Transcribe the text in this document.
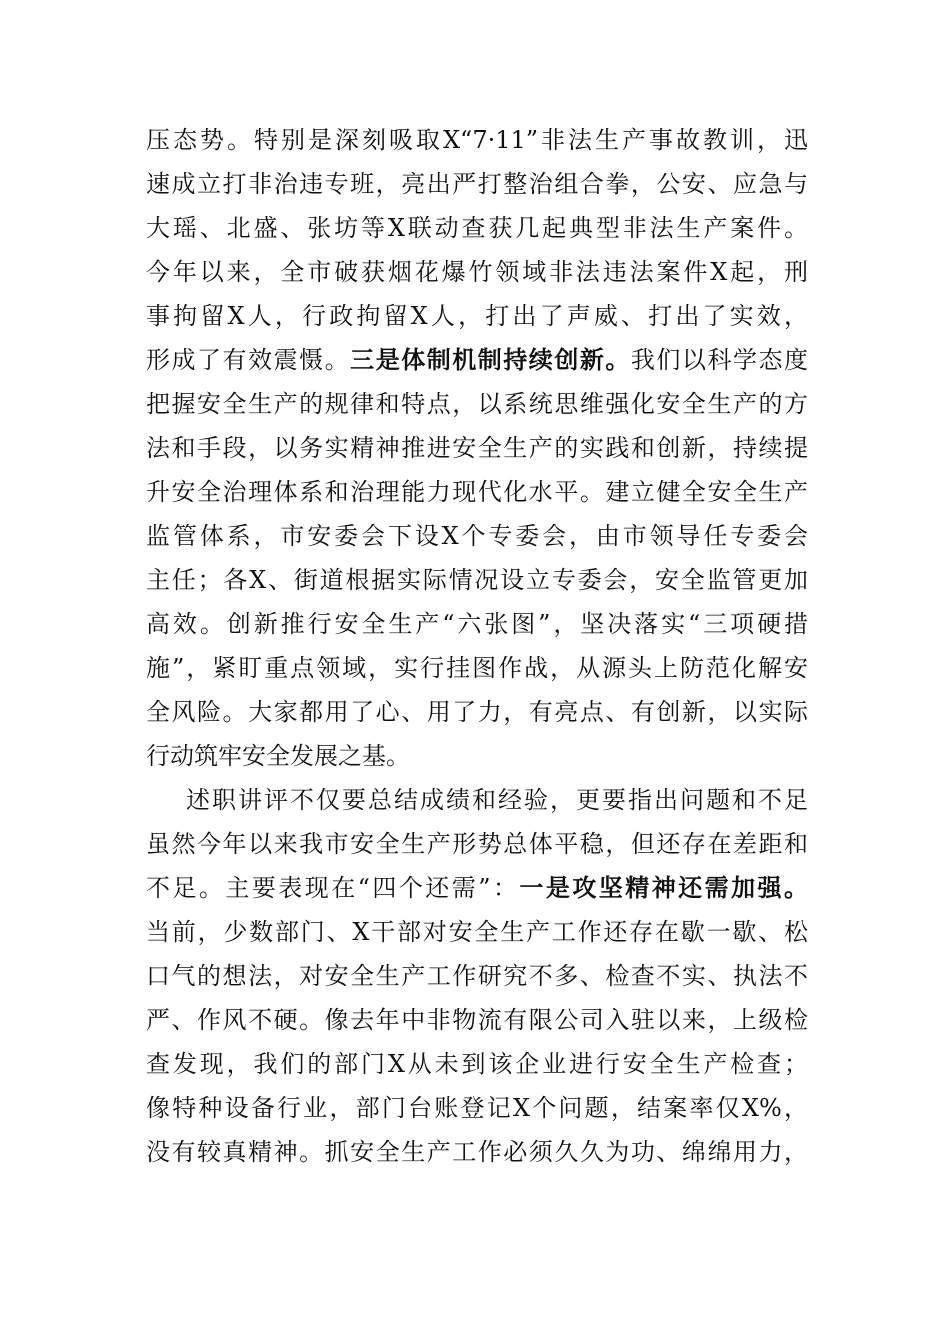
压态势。特别是深刻吸取X“7·11”非法生产事故教训，迅
速成立打非治违专班，亮出严打整治组合拳，公安、应急与
大瑶、北盛、张坊等X联动查获几起典型非法生产案件。
今年以来，全市破获烟花爆竹领域非法违法案件X起，刑
事拘留X人，行政拘留X人，打出了声威、打出了实效，
形成了有效震慑。三是体制机制持续创新。我们以科学态度
把握安全生产的规律和特点，以系统思维强化安全生产的方
法和手段，以务实精神推进安全生产的实践和创新，持续提
升安全治理体系和治理能力现代化水平。建立健全安全生产
监管体系，市安委会下设X个专委会，由市领导任专委会
主任；各X、街道根据实际情况设立专委会，安全监管更加
高效。创新推行安全生产“六张图”，坚决落实“三项硬措
施”，紧盯重点领域，实行挂图作战，从源头上防范化解安
全风险。大家都用了心、用了力，有亮点、有创新，以实际
行动筑牢安全发展之基。
述职讲评不仅要总结成绩和经验，更要指出问题和不足
虽然今年以来我市安全生产形势总体平稳，但还存在差距和
不足。主要表现在“四个还需”：一是攻坚精神还需加强。
当前，少数部门、X干部对安全生产工作还存在歇一歇、松
口气的想法，对安全生产工作研究不多、检查不实、执法不
严、作风不硬。像去年中非物流有限公司入驻以来，上级检
查发现，我们的部门X从未到该企业进行安全生产检查；
像特种设备行业，部门台账登记X个问题，结案率仅X%，
没有较真精神。抓安全生产工作必须久久为功、绵绵用力，
